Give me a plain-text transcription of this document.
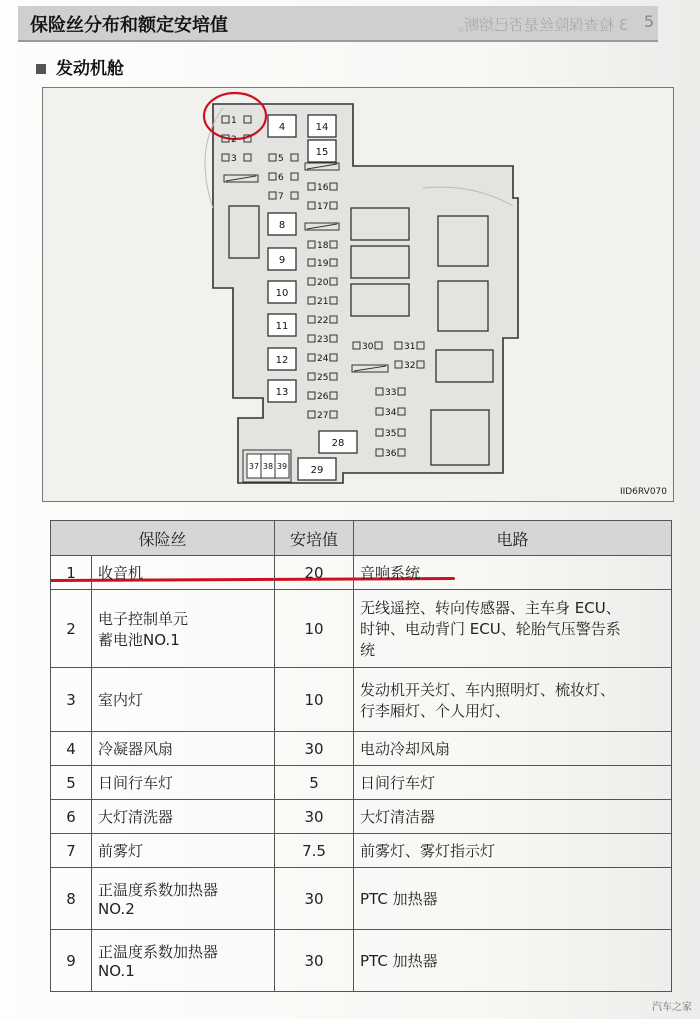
保险丝分布和额定安培值	3 检查保险丝是否已熔断。 5
发动机舱
1
2
3
4
5
6
7
8
9
10
11
12
13
14
15
16
17
18
19
20
21
22
23
24
25
26
27
28
29
30	31
32
33
34
35
36
37 38 39
IID6RV070
保险丝		安培值	电路
1	收音机	20	音响系统
2	电子控制单元
蓄电池NO.1	10	无线遥控、转向传感器、主车身 ECU、
时钟、电动背门 ECU、轮胎气压警告系
统
3	室内灯	10	发动机开关灯、车内照明灯、梳妆灯、
行李厢灯、个人用灯、
4	冷凝器风扇	30	电动冷却风扇
5	日间行车灯	5	日间行车灯
6	大灯清洗器	30	大灯清洁器
7	前雾灯	7.5	前雾灯、雾灯指示灯
8	正温度系数加热器
NO.2	30	PTC 加热器
9	正温度系数加热器
NO.1	30	PTC 加热器
汽车之家
